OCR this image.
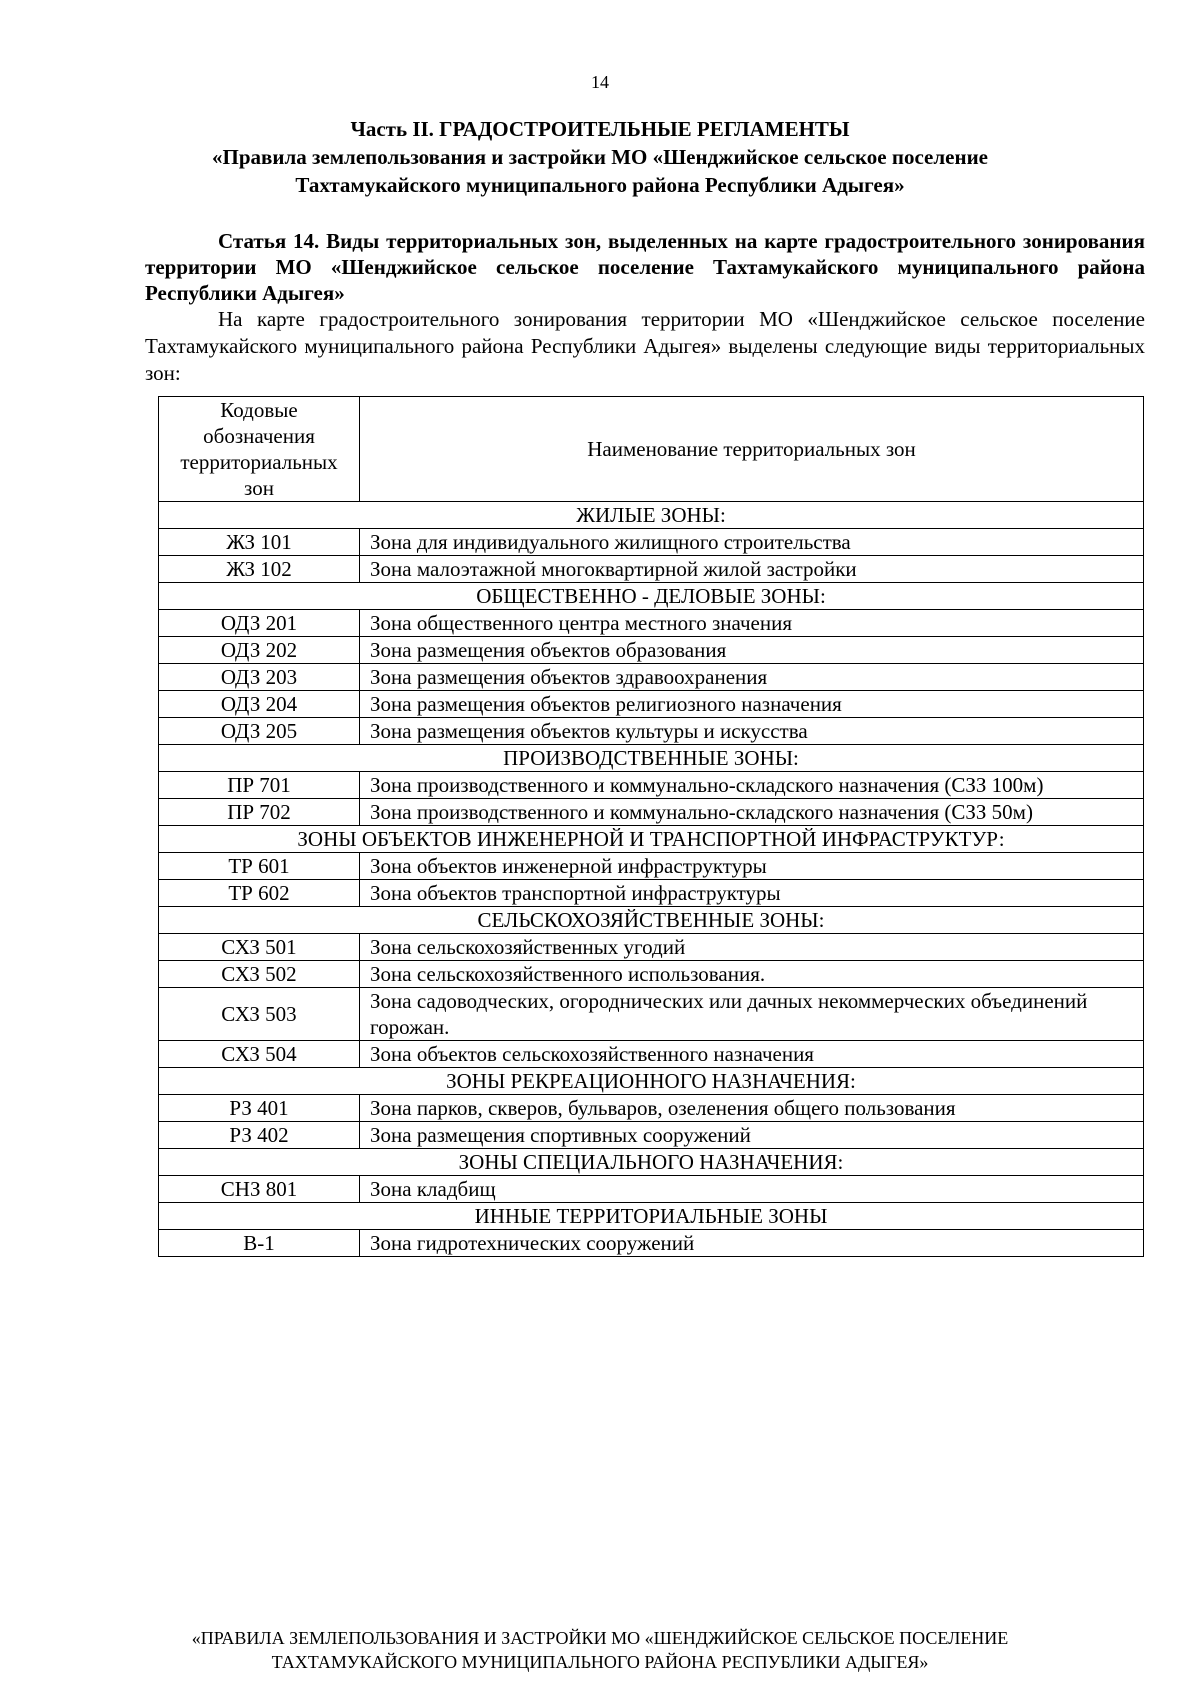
14
Часть II. ГРАДОСТРОИТЕЛЬНЫЕ РЕГЛАМЕНТЫ
«Правила землепользования и застройки МО «Шенджийское сельское поселение
Тахтамукайского муниципального района Республики Адыгея»

Статья 14. Виды территориальных зон, выделенных на карте градостроительного зонирования территории МО «Шенджийское сельское поселение Тахтамукайского муниципального района Республики Адыгея»

На карте градостроительного зонирования территории МО «Шенджийское сельское поселение Тахтамукайского муниципального района Республики Адыгея» выделены следующие виды территориальных зон:

Кодовые обозначения территориальных зон	Наименование территориальных зон
ЖИЛЫЕ ЗОНЫ:	
ЖЗ 101	Зона для индивидуального жилищного строительства
ЖЗ 102	Зона малоэтажной многоквартирной жилой застройки
ОБЩЕСТВЕННО - ДЕЛОВЫЕ ЗОНЫ:	
ОДЗ 201	Зона общественного центра местного значения
ОДЗ 202	Зона размещения объектов образования
ОДЗ 203	Зона размещения объектов здравоохранения
ОДЗ 204	Зона размещения объектов религиозного назначения
ОДЗ 205	Зона размещения объектов культуры и искусства
ПРОИЗВОДСТВЕННЫЕ ЗОНЫ:	
ПР 701	Зона производственного и коммунально-складского назначения (СЗЗ 100м)
ПР 702	Зона производственного и коммунально-складского назначения (СЗЗ 50м)
ЗОНЫ ОБЪЕКТОВ ИНЖЕНЕРНОЙ И ТРАНСПОРТНОЙ ИНФРАСТРУКТУР:	
ТР 601	Зона объектов инженерной инфраструктуры
ТР 602	Зона объектов транспортной инфраструктуры
СЕЛЬСКОХОЗЯЙСТВЕННЫЕ ЗОНЫ:	
СХЗ 501	Зона сельскохозяйственных угодий
СХЗ 502	Зона сельскохозяйственного использования.
СХЗ 503	Зона садоводческих, огороднических или дачных некоммерческих объединений горожан.
СХЗ 504	Зона объектов сельскохозяйственного назначения
ЗОНЫ РЕКРЕАЦИОННОГО НАЗНАЧЕНИЯ:	
РЗ 401	Зона парков, скверов, бульваров, озеленения общего пользования
РЗ 402	Зона размещения спортивных сооружений
ЗОНЫ СПЕЦИАЛЬНОГО НАЗНАЧЕНИЯ:	
СНЗ 801	Зона кладбищ
ИННЫЕ ТЕРРИТОРИАЛЬНЫЕ ЗОНЫ	
В-1	Зона гидротехнических сооружений
«ПРАВИЛА ЗЕМЛЕПОЛЬЗОВАНИЯ И ЗАСТРОЙКИ МО «ШЕНДЖИЙСКОЕ СЕЛЬСКОЕ ПОСЕЛЕНИЕ
ТАХТАМУКАЙСКОГО МУНИЦИПАЛЬНОГО РАЙОНА РЕСПУБЛИКИ АДЫГЕЯ»
